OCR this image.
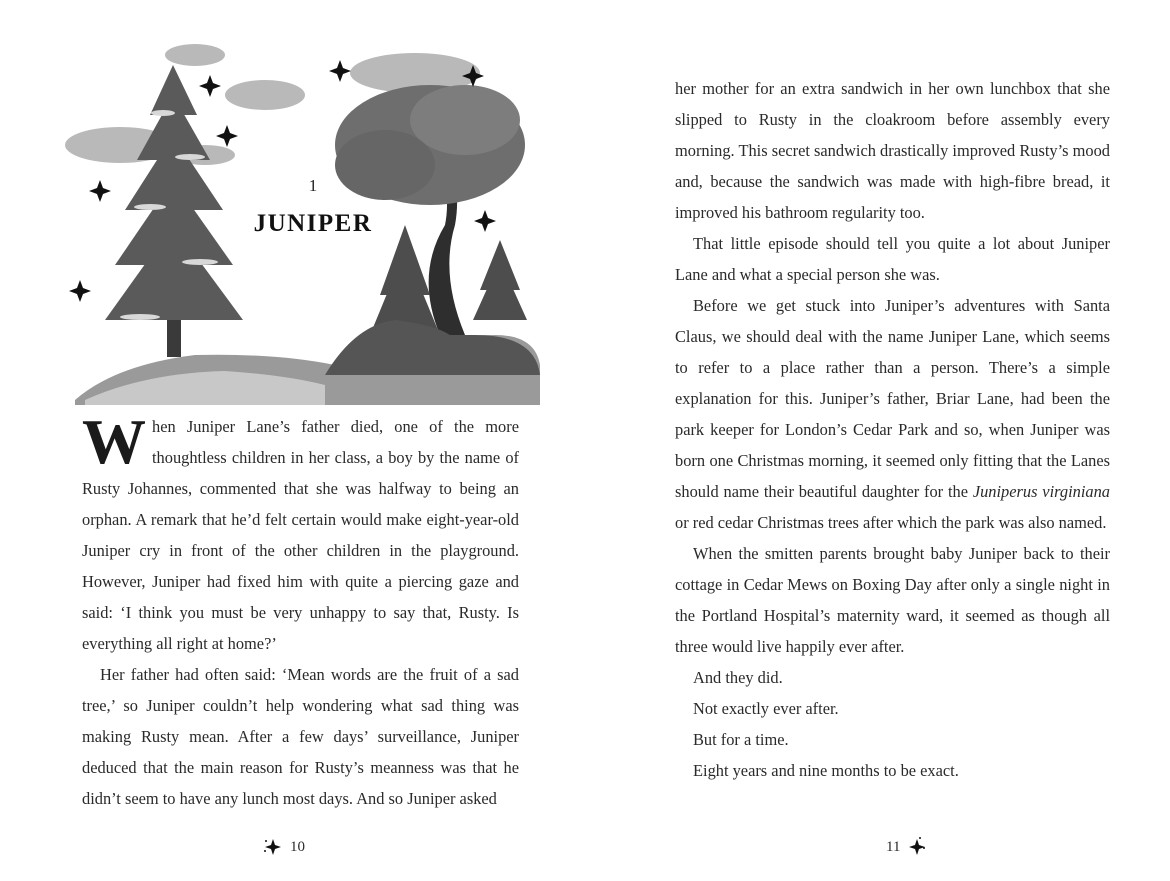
1
JUNIPER

When Juniper Lane’s father died, one of the more thoughtless children in her class, a boy by the name of Rusty Johannes, commented that she was halfway to being an orphan. A remark that he’d felt certain would make eight-year-old Juniper cry in front of the other children in the playground. However, Juniper had fixed him with quite a piercing gaze and said: ‘I think you must be very unhappy to say that, Rusty. Is everything all right at home?’

Her father had often said: ‘Mean words are the fruit of a sad tree,’ so Juniper couldn’t help wondering what sad thing was making Rusty mean. After a few days’ surveillance, Juniper deduced that the main reason for Rusty’s meanness was that he didn’t seem to have any lunch most days. And so Juniper asked

10

her mother for an extra sandwich in her own lunchbox that she slipped to Rusty in the cloakroom before assembly every morning. This secret sandwich drastically improved Rusty’s mood and, because the sandwich was made with high-fibre bread, it improved his bathroom regularity too.

That little episode should tell you quite a lot about Juniper Lane and what a special person she was.

Before we get stuck into Juniper’s adventures with Santa Claus, we should deal with the name Juniper Lane, which seems to refer to a place rather than a person. There’s a simple explanation for this. Juniper’s father, Briar Lane, had been the park keeper for London’s Cedar Park and so, when Juniper was born one Christmas morning, it seemed only fitting that the Lanes should name their beautiful daughter for the Juniperus virginiana or red cedar Christmas trees after which the park was also named.

When the smitten parents brought baby Juniper back to their cottage in Cedar Mews on Boxing Day after only a single night in the Portland Hospital’s maternity ward, it seemed as though all three would live happily ever after.

And they did.

Not exactly ever after.

But for a time.

Eight years and nine months to be exact.

11
